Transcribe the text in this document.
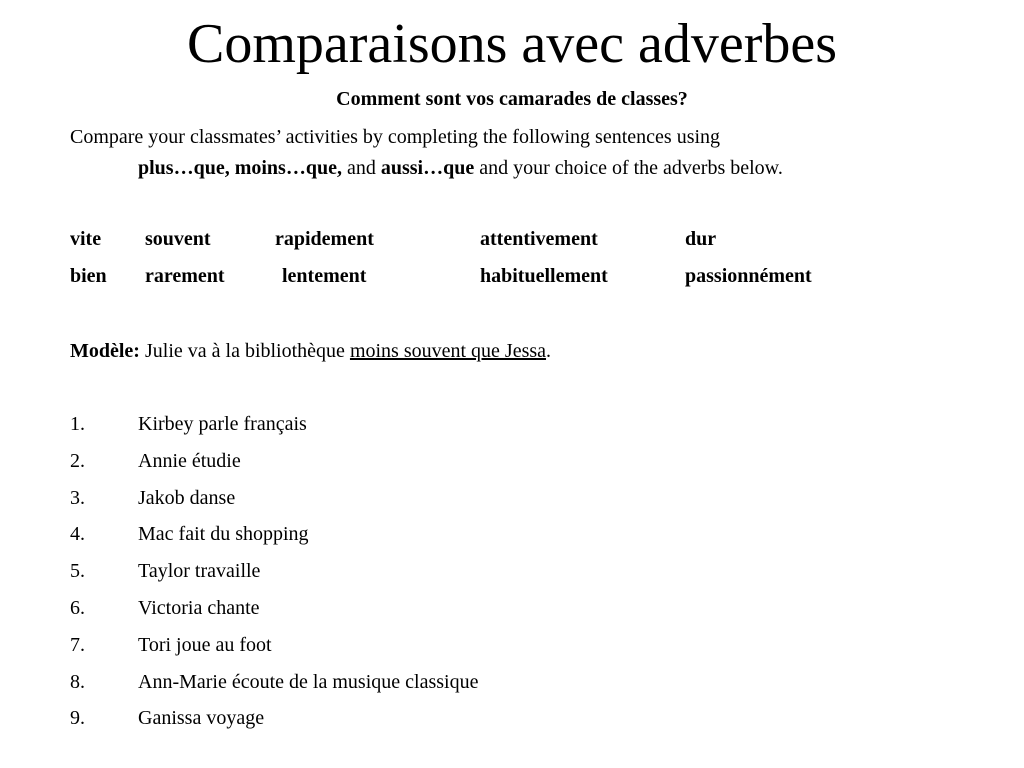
Comparaisons avec adverbes
Comment sont vos camarades de classes?
Compare your classmates’ activities by completing the following sentences using
plus…que, moins…que, and aussi…que and your choice of the adverbs below.
vite souvent	rapidement	attentivement	dur
bien rarement	lentement	habituellement	passionnément
Modèle: Julie va à la bibliothèque moins souvent que Jessa.
1.	Kirbey parle français
2.	Annie étudie
3.	Jakob danse
4.	Mac fait du shopping
5.	Taylor travaille
6.	Victoria chante
7.	Tori joue au foot
8.	Ann-Marie écoute de la musique classique
9.	Ganissa voyage
